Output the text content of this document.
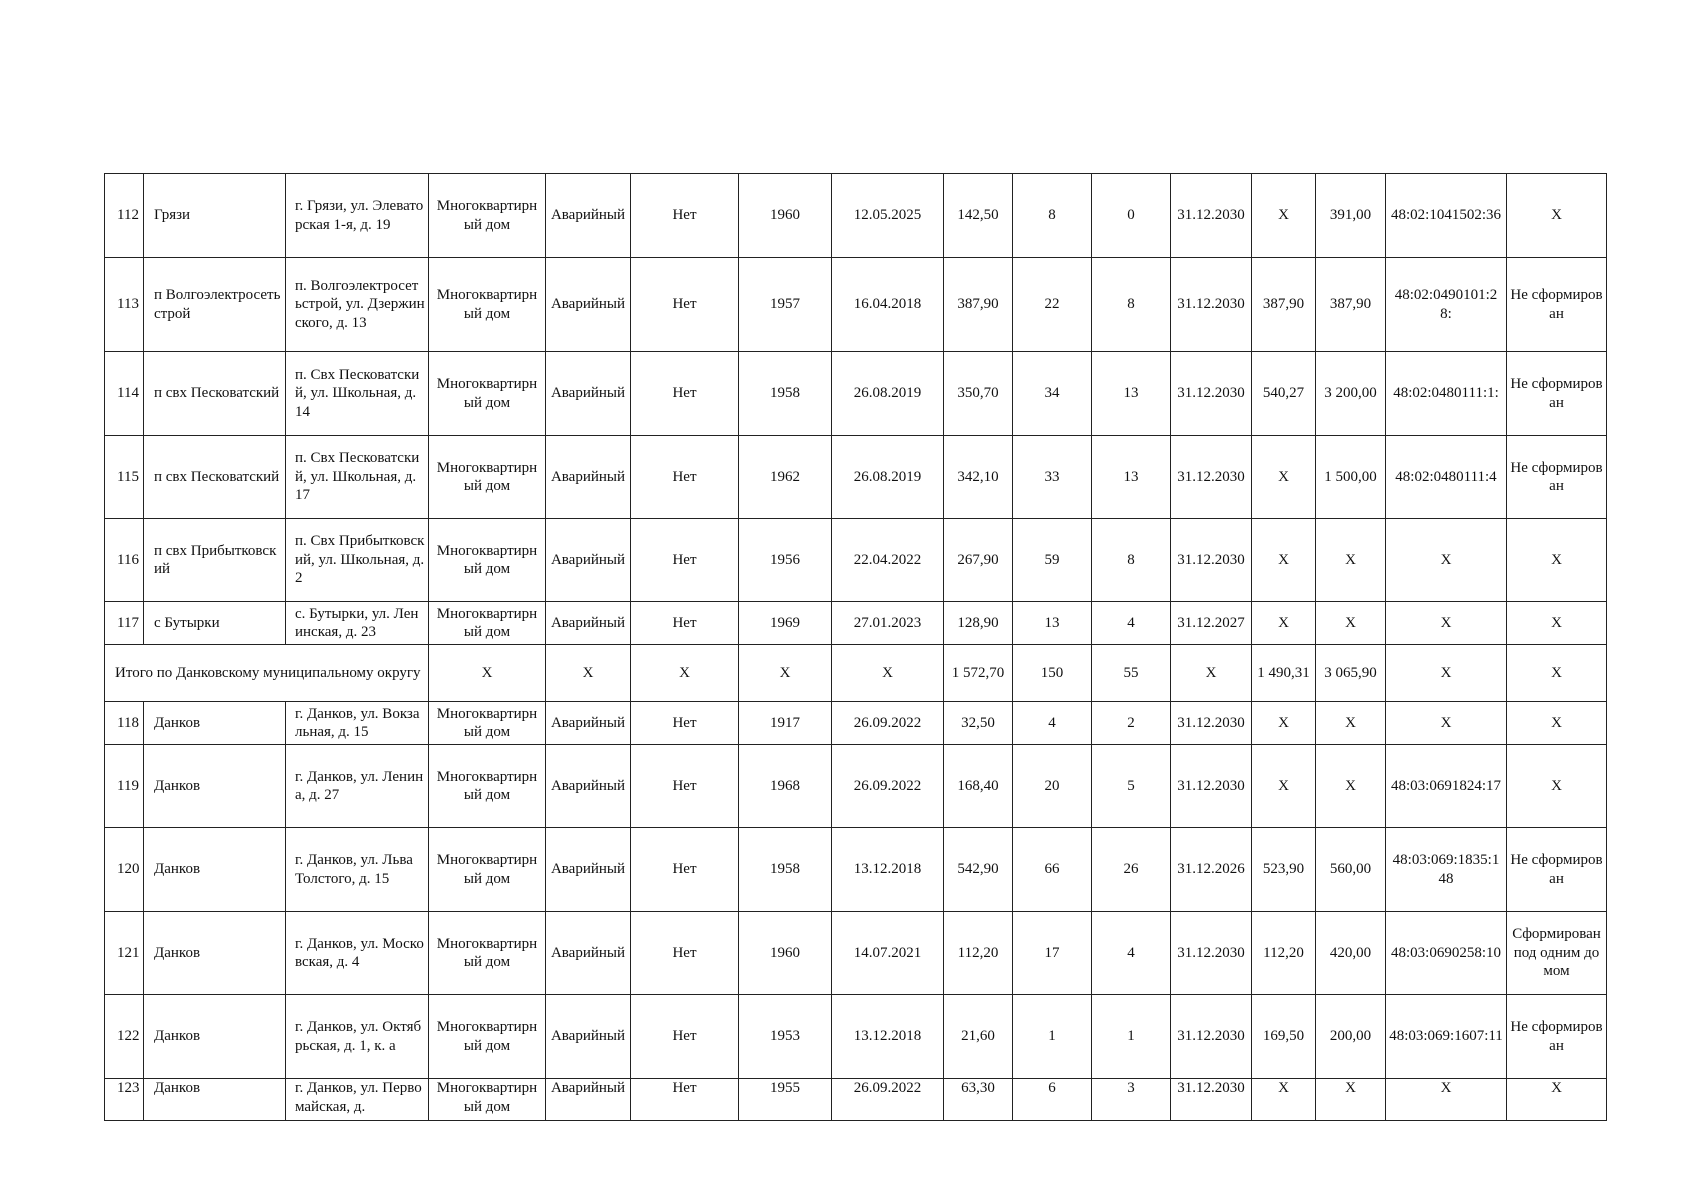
112	Грязи	г. Грязи, ул. Элеваторская 1-я, д. 19	Многоквартирный дом	Аварийный	Нет	1960	12.05.2025	142,50	8	0	31.12.2030	X	391,00	48:02:1041502:36	X
113	п Волгоэлектросетьстрой	п. Волгоэлектросетьстрой, ул. Дзержинского, д. 13	Многоквартирный дом	Аварийный	Нет	1957	16.04.2018	387,90	22	8	31.12.2030	387,90	387,90	48:02:0490101:28:	Не сформирован
114	п свх Песковатский	п. Свх Песковатский, ул. Школьная, д. 14	Многоквартирный дом	Аварийный	Нет	1958	26.08.2019	350,70	34	13	31.12.2030	540,27	3 200,00	48:02:0480111:1:	Не сформирован
115	п свх Песковатский	п. Свх Песковатский, ул. Школьная, д. 17	Многоквартирный дом	Аварийный	Нет	1962	26.08.2019	342,10	33	13	31.12.2030	X	1 500,00	48:02:0480111:4	Не сформирован
116	п свх Прибытковский	п. Свх Прибытковский, ул. Школьная, д. 2	Многоквартирный дом	Аварийный	Нет	1956	22.04.2022	267,90	59	8	31.12.2030	X	X	X	X
117	с Бутырки	с. Бутырки, ул. Ленинская, д. 23	Многоквартирный дом	Аварийный	Нет	1969	27.01.2023	128,90	13	4	31.12.2027	X	X	X	X
Итого по Данковскому муниципальному округу			X	X	X	X	X	1 572,70	150	55	X	1 490,31	3 065,90	X	X
118	Данков	г. Данков, ул. Вокзальная, д. 15	Многоквартирный дом	Аварийный	Нет	1917	26.09.2022	32,50	4	2	31.12.2030	X	X	X	X
119	Данков	г. Данков, ул. Ленина, д. 27	Многоквартирный дом	Аварийный	Нет	1968	26.09.2022	168,40	20	5	31.12.2030	X	X	48:03:0691824:17	X
120	Данков	г. Данков, ул. Льва Толстого, д. 15	Многоквартирный дом	Аварийный	Нет	1958	13.12.2018	542,90	66	26	31.12.2026	523,90	560,00	48:03:069:1835:148	Не сформирован
121	Данков	г. Данков, ул. Московская, д. 4	Многоквартирный дом	Аварийный	Нет	1960	14.07.2021	112,20	17	4	31.12.2030	112,20	420,00	48:03:0690258:10	Сформирован под одним домом
122	Данков	г. Данков, ул. Октябрьская, д. 1, к. а	Многоквартирный дом	Аварийный	Нет	1953	13.12.2018	21,60	1	1	31.12.2030	169,50	200,00	48:03:069:1607:11	Не сформирован
123	Данков	г. Данков, ул. Первомайская, д.	Многоквартирный дом	Аварийный	Нет	1955	26.09.2022	63,30	6	3	31.12.2030	X	X	X	X
